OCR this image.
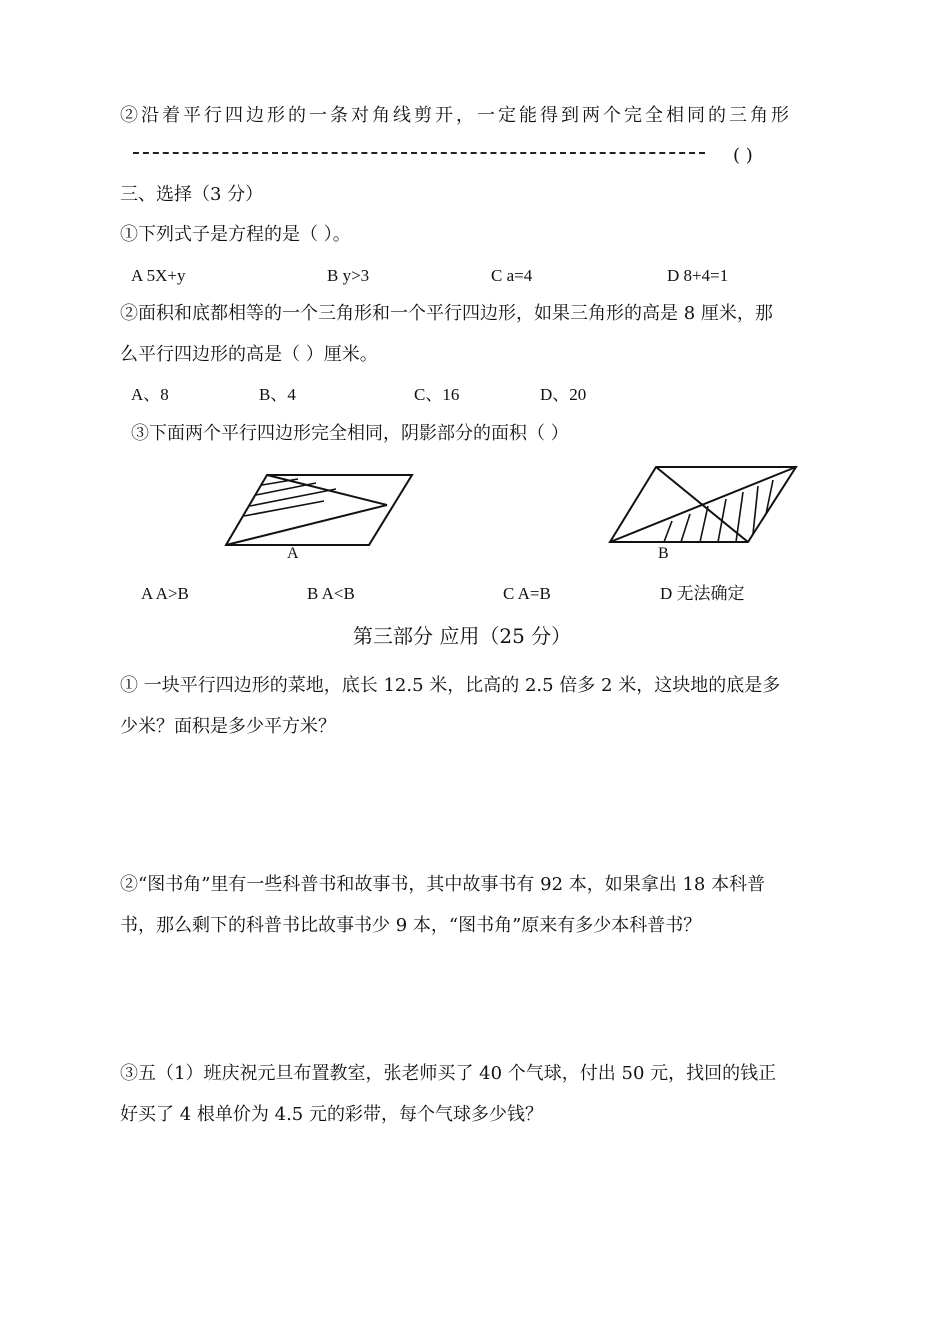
②沿着平行四边形的一条对角线剪开，一定能得到两个完全相同的三角形
( )
三、选择（3 分）
①下列式子是方程的是（ ）。
A 5X+y	B y>3	C a=4	D 8+4=1
②面积和底都相等的一个三角形和一个平行四边形，如果三角形的高是 8 厘米，那
么平行四边形的高是（ ）厘米。
A、8	B、4	C、16	D、20
③下面两个平行四边形完全相同，阴影部分的面积（ ）
A	B
A A>B	B A<B	C A=B	D 无法确定
第三部分 应用（25 分）
① 一块平行四边形的菜地，底长 12.5 米，比高的 2.5 倍多 2 米，这块地的底是多
少米？面积是多少平方米？
②“图书角”里有一些科普书和故事书，其中故事书有 92 本，如果拿出 18 本科普
书，那么剩下的科普书比故事书少 9 本，“图书角”原来有多少本科普书？
③五（1）班庆祝元旦布置教室，张老师买了 40 个气球，付出 50 元，找回的钱正
好买了 4 根单价为 4.5 元的彩带，每个气球多少钱？
